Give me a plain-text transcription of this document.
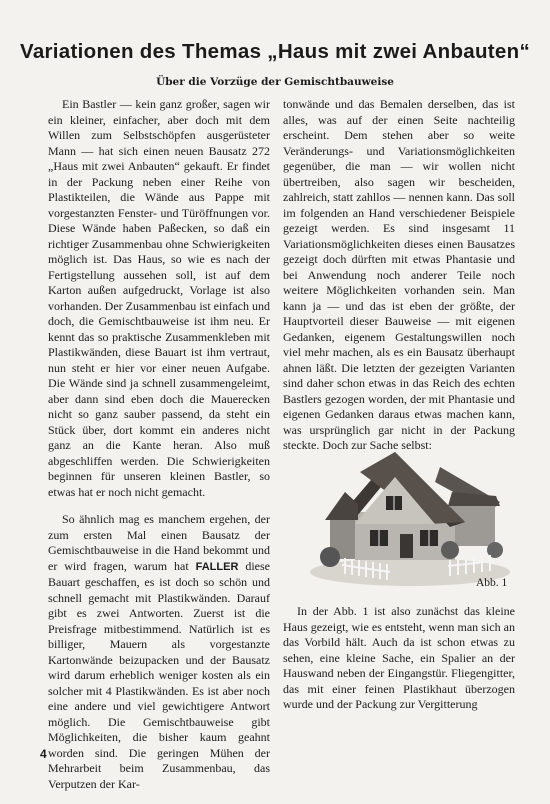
Variationen des Themas „Haus mit zwei Anbauten“
Über die Vorzüge der Gemischtbauweise

Ein Bastler — kein ganz großer, sagen wir ein kleiner, einfacher, aber doch mit dem Willen zum Selbstschöpfen ausgerüsteter Mann — hat sich einen neuen Bausatz 272 „Haus mit zwei Anbauten“ gekauft. Er findet in der Packung neben einer Reihe von Plastikteilen, die Wände aus Pappe mit vorgestanzten Fenster- und Türöffnungen vor. Diese Wände haben Paßecken, so daß ein richtiger Zusammenbau ohne Schwierigkeiten möglich ist. Das Haus, so wie es nach der Fertigstellung aussehen soll, ist auf dem Karton außen aufgedruckt, Vorlage ist also vorhanden. Der Zusammenbau ist einfach und doch, die Gemischtbauweise ist ihm neu. Er kennt das so praktische Zusammenkleben mit Plastikwänden, diese Bauart ist ihm vertraut, nun steht er hier vor einer neuen Aufgabe. Die Wände sind ja schnell zusammengeleimt, aber dann sind eben doch die Mauerecken nicht so ganz sauber passend, da steht ein Stück über, dort kommt ein anderes nicht ganz an die Kante heran. Also muß abgeschliffen werden. Die Schwierigkeiten beginnen für unseren kleinen Bastler, so etwas hat er noch nicht gemacht.

So ähnlich mag es manchem ergehen, der zum ersten Mal einen Bausatz der Gemischtbauweise in die Hand bekommt und er wird fragen, warum hat FALLER diese Bauart geschaffen, es ist doch so schön und schnell gemacht mit Plastikwänden. Darauf gibt es zwei Antworten. Zuerst ist die Preisfrage mitbestimmend. Natürlich ist es billiger, Mauern als vorgestanzte Kartonwände beizupacken und der Bausatz wird darum erheblich weniger kosten als ein solcher mit 4 Plastikwänden. Es ist aber noch eine andere und viel gewichtigere Antwort möglich. Die Gemischtbauweise gibt Möglichkeiten, die bisher kaum geahnt worden sind. Die geringen Mühen der Mehrarbeit beim Zusammenbau, das Verputzen der Kar-

tonwände und das Bemalen derselben, das ist alles, was auf der einen Seite nachteilig erscheint. Dem stehen aber so weite Veränderungs- und Variationsmöglichkeiten gegenüber, die man — wir wollen nicht übertreiben, also sagen wir bescheiden, zahlreich, statt zahllos — nennen kann. Das soll im folgenden an Hand verschiedener Beispiele gezeigt werden. Es sind insgesamt 11 Variationsmöglichkeiten dieses einen Bausatzes gezeigt doch dürften mit etwas Phantasie und bei Anwendung noch anderer Teile noch weitere Möglichkeiten vorhanden sein. Man kann ja — und das ist eben der größte, der Hauptvorteil dieser Bauweise — mit eigenen Gedanken, eigenem Gestaltungswillen noch viel mehr machen, als es ein Bausatz überhaupt ahnen läßt. Die letzten der gezeigten Varianten sind daher schon etwas in das Reich des echten Bastlers gezogen worden, der mit Phantasie und eigenen Gedanken daraus etwas machen kann, was ursprünglich gar nicht in der Packung steckte. Doch zur Sache selbst:

Abb. 1

In der Abb. 1 ist also zunächst das kleine Haus gezeigt, wie es entsteht, wenn man sich an das Vorbild hält. Auch da ist schon etwas zu sehen, eine kleine Sache, ein Spalier an der Hauswand neben der Eingangstür. Fliegengitter, das mit einer feinen Plastikhaut überzogen wurde und der Packung zur Vergitterung

4
